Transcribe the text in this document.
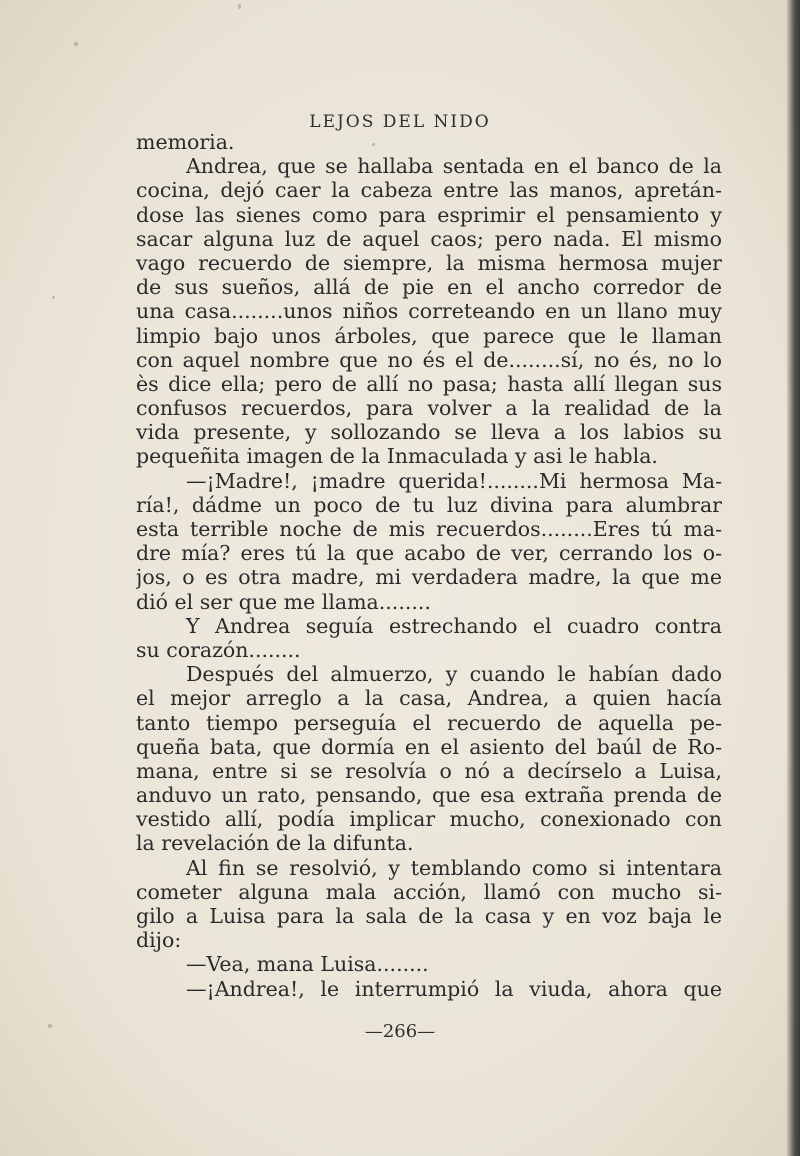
LEJOS DEL NIDO
memoria.
Andrea, que se hallaba sentada en el banco de la
cocina, dejó caer la cabeza entre las manos, apretán-
dose las sienes como para esprimir el pensamiento y
sacar alguna luz de aquel caos; pero nada. El mismo
vago recuerdo de siempre, la misma hermosa mujer
de sus sueños, allá de pie en el ancho corredor de
una casa........unos niños correteando en un llano muy
limpio bajo unos árboles, que parece que le llaman
con aquel nombre que no és el de........sí, no és, no lo
ès dice ella; pero de allí no pasa; hasta allí llegan sus
confusos recuerdos, para volver a la realidad de la
vida presente, y sollozando se lleva a los labios su
pequeñita imagen de la Inmaculada y asi le habla.
—¡Madre!, ¡madre querida!........Mi hermosa Ma-
ría!, dádme un poco de tu luz divina para alumbrar
esta terrible noche de mis recuerdos........Eres tú ma-
dre mía? eres tú la que acabo de ver, cerrando los o-
jos, o es otra madre, mi verdadera madre, la que me
dió el ser que me llama........
Y Andrea seguía estrechando el cuadro contra
su corazón........
Después del almuerzo, y cuando le habían dado
el mejor arreglo a la casa, Andrea, a quien hacía
tanto tiempo perseguía el recuerdo de aquella pe-
queña bata, que dormía en el asiento del baúl de Ro-
mana, entre si se resolvía o nó a decírselo a Luisa,
anduvo un rato, pensando, que esa extraña prenda de
vestido allí, podía implicar mucho, conexionado con
la revelación de la difunta.
Al fin se resolvió, y temblando como si intentara
cometer alguna mala acción, llamó con mucho si-
gilo a Luisa para la sala de la casa y en voz baja le
dijo:
—Vea, mana Luisa........
—¡Andrea!, le interrumpió la viuda, ahora que
—266—
